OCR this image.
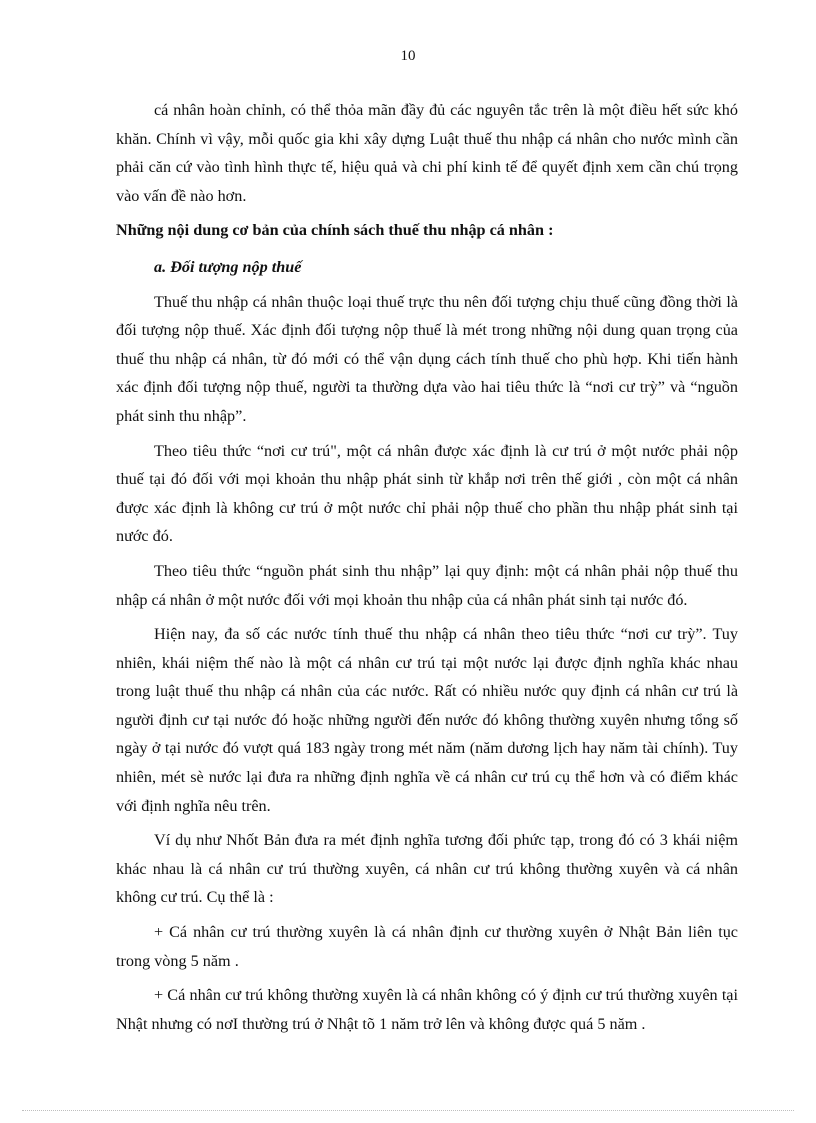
10

cá nhân hoàn chỉnh, có thể thỏa mãn đầy đủ các nguyên tắc trên là một điều hết sức khó khăn. Chính vì vậy, mỗi quốc gia khi xây dựng Luật thuế thu nhập cá nhân cho nước mình cần phải căn cứ vào tình hình thực tế, hiệu quả và chi phí kinh tế để quyết định xem cần chú trọng vào vấn đề nào hơn.

Những nội dung cơ bản của chính sách thuế thu nhập cá nhân :

a. Đối tượng nộp thuế

Thuế thu nhập cá nhân thuộc loại thuế trực thu nên đối tượng chịu thuế cũng đồng thời là đối tượng nộp thuế. Xác định đối tượng nộp thuế là mét trong những nội dung quan trọng của thuế thu nhập cá nhân, từ đó mới có thể vận dụng cách tính thuế cho phù hợp. Khi tiến hành xác định đối tượng nộp thuế, người ta thường dựa vào hai tiêu thức là “nơi cư trỳ” và “nguồn phát sinh thu nhập”.

Theo tiêu thức “nơi cư trú", một cá nhân được xác định là cư trú ở một nước phải nộp thuế tại đó đối với mọi khoản thu nhập phát sinh từ khắp nơi trên thế giới , còn một cá nhân được xác định là không cư trú ở một nước chỉ phải nộp thuế cho phần thu nhập phát sinh tại nước đó.

Theo tiêu thức “nguồn phát sinh thu nhập” lại quy định: một cá nhân phải nộp thuế thu nhập cá nhân ở một nước đối với mọi khoản thu nhập của cá nhân phát sinh tại nước đó.

Hiện nay, đa số các nước tính thuế thu nhập cá nhân theo tiêu thức “nơi cư trỳ”. Tuy nhiên, khái niệm thế nào là một cá nhân cư trú tại một nước lại được định nghĩa khác nhau trong luật thuế thu nhập cá nhân của các nước. Rất có nhiều nước quy định cá nhân cư trú là người định cư tại nước đó hoặc những người đến nước đó không thường xuyên nhưng tổng số ngày ở tại nước đó vượt quá 183 ngày trong mét năm (năm dương lịch hay năm tài chính). Tuy nhiên, mét sè nước lại đưa ra những định nghĩa về cá nhân cư trú cụ thể hơn và có điểm khác với định nghĩa nêu trên.

Ví dụ như Nhốt Bản đưa ra mét định nghĩa tương đối phức tạp, trong đó có 3 khái niệm khác nhau là cá nhân cư trú thường xuyên, cá nhân cư trú không thường xuyên và cá nhân không cư trú. Cụ thể là :

+ Cá nhân cư trú thường xuyên là cá nhân định cư thường xuyên ở Nhật Bản liên tục trong vòng 5 năm .

+ Cá nhân cư trú không thường xuyên là cá nhân không có ý định cư trú thường xuyên tại Nhật nhưng có nơI thường trú ở Nhật tõ 1 năm trở lên và không được quá 5 năm .
